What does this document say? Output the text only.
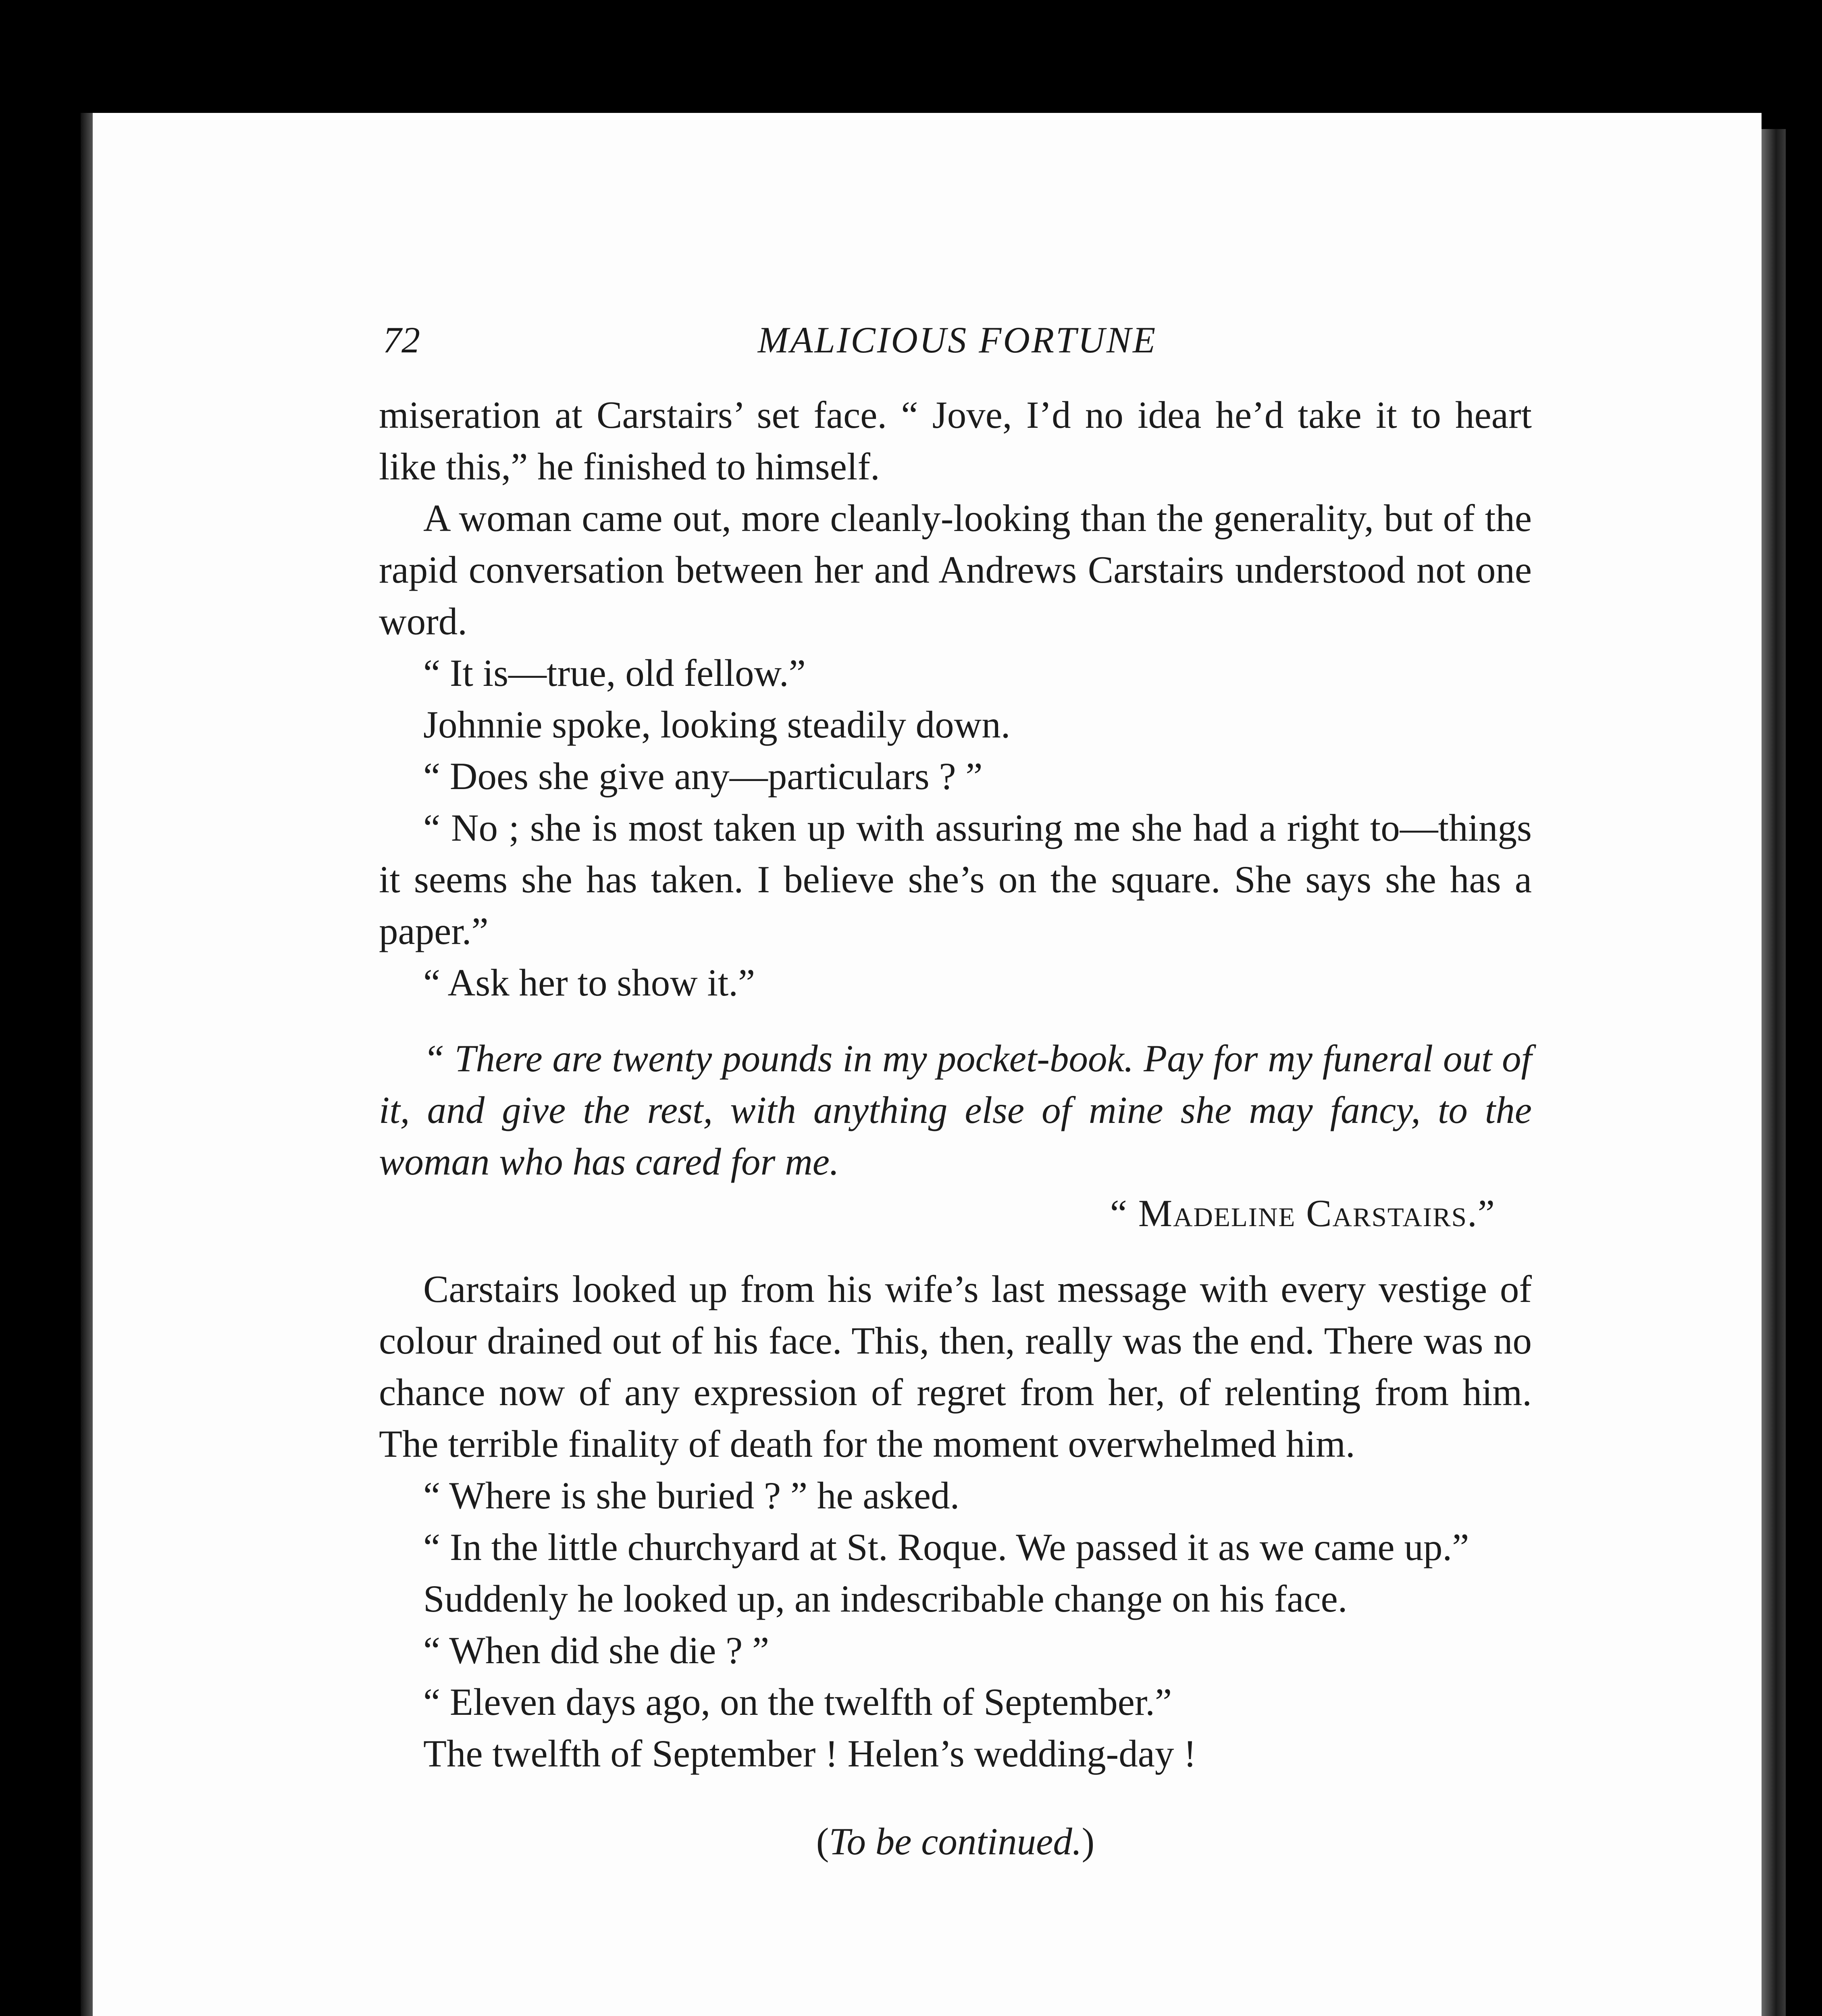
72	MALICIOUS FORTUNE

miseration at Carstairs’ set face. “ Jove, I’d no idea he’d take it to heart like this,” he finished to himself.

A woman came out, more cleanly-looking than the generality, but of the rapid conversation between her and Andrews Carstairs understood not one word.

“ It is—true, old fellow.”

Johnnie spoke, looking steadily down.

“ Does she give any—particulars ? ”

“ No ; she is most taken up with assuring me she had a right to—things it seems she has taken. I believe she’s on the square. She says she has a paper.”

“ Ask her to show it.”

“ There are twenty pounds in my pocket-book. Pay for my funeral out of it, and give the rest, with anything else of mine she may fancy, to the woman who has cared for me.

“ Madeline Carstairs.”

Carstairs looked up from his wife’s last message with every vestige of colour drained out of his face. This, then, really was the end. There was no chance now of any expression of regret from her, of relenting from him. The terrible finality of death for the moment overwhelmed him.

“ Where is she buried ? ” he asked.

“ In the little churchyard at St. Roque. We passed it as we came up.”

Suddenly he looked up, an indescribable change on his face.

“ When did she die ? ”

“ Eleven days ago, on the twelfth of September.”

The twelfth of September ! Helen’s wedding-day !

(To be continued.)
